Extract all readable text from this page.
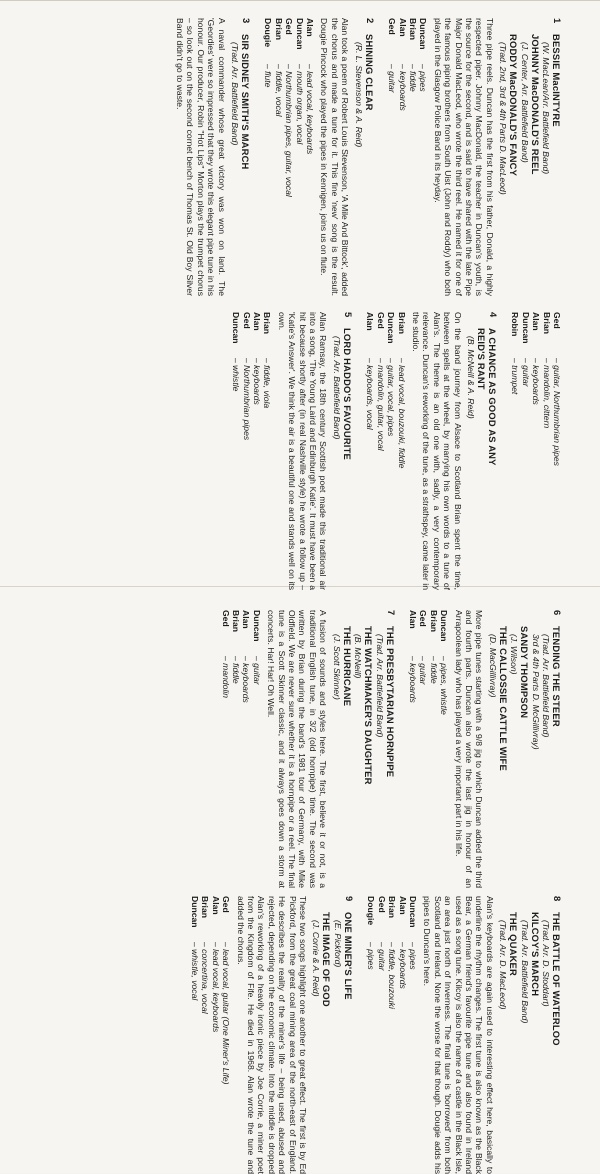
1
BESSIE MacINTYRE
(W. MacLean/Arr. Battlefield Band)
JOHNNY MacDONALD'S REEL
(J. Center, Arr. Battlefield Band)
RODDY MacDONALD'S FANCY
(Trad. 2nd, 3rd & 4th Parts D. MacLeod)
Three pipe reels. Duncan has the first from his father, Donald, a highly respected piper. Johnny MacDonald, the teacher in Duncan's youth, is the source for the second, and is said to have shared with the late Pipe Major Donald MacLeod, who wrote the third reel. He named it for one of the famous piping brothers from South Uist (John and Roddy) who both played in the Glasgow Police Band in its heyday.
Duncan
– pipes
Brian
– fiddle
Alan
– keyboards
Ged
– guitar
2
SHINING CLEAR
(R. L. Stevenson & A. Reid)
Alan took a poem of Robert Louis Stevenson, 'A Mile And Bittock', added the chorus and made a tune for it. This fine 'new' song is the result. Dougie Pincock who played the pipes in Kennigen, joins us on flute.
Alan
– lead vocal, keyboards
Duncan
– mouth organ, vocal
Ged
– Northumbrian pipes, guitar, vocal
Brian
– fiddle, vocal
Dougie
– flute
3
SIR SIDNEY SMITH'S MARCH
(Trad. Arr. Battlefield Band)
A naval commander whose great victory was won on land. The 'Geordies' were so impressed that they wrote this elegant pipe tune in his honour. Our producer, Robin "Hot Lips" Morton plays the trumpet chorus – so look out on the second cornet bench of Thomas St. Old Boy Silver Band didn't go to waste.
Ged
– guitar, Northumbrian pipes
Brian
– mandolin, cittern
Alan
– keyboards
Duncan
– guitar
Robin
– trumpet
4
A CHANCE AS GOOD AS ANY
REID'S RANT
(B. McNeill & A. Reid)
On the band journey from Alsace to Scotland Brian spent the time, between spells at the wheel, by marrying his own words to a tune of Alan's. The theme is an old one with, sadly, a very contemporary relevance. Duncan's reworking of the tune, as a strathspey, came later in the studio.
Brian
– lead vocal, bouzouki, fiddle
Duncan
– guitar, vocal, pipes
Ged
– mandolin, guitar, vocal
Alan
– keyboards, vocal
5
LORD HADDO'S FAVOURITE
(Trad. Arr. Battlefield Band)
Allan Ramsay, the 18th century Scottish poet made this traditional air into a song, 'The Young Laird and Edinburgh Katie'. It must have been a hit because shortly after (in real Nashville style) he wrote a follow up – 'Katie's Answer'. We think the air is a beautiful one and stands well on its own.
Brian
– fiddle, viola
Alan
– keyboards
Ged
– Northumbrian pipes
Duncan
– whistle
6
TENDING THE STEER
(Trad. Arr. Battlefield Band)
3rd & 4th Parts D. McGillivray)
SANDY THOMPSON
(J. Wilson)
THE CALLOSSIE CATTLE WIFE
(D. MacGillivray)
More pipe tunes starting with a 9/8 jig to which Duncan added the third and fourth parts. Duncan also wrote the last jig in honour of an Arrapoolean lady who has played a very important part in his life.
Duncan
– pipes, whistle
Brian
– fiddle
Ged
– guitar
Alan
– keyboards
7
THE PRESBYTARIAN HORNPIPE
(Trad. Arr. Battlefield Band)
THE WATCHMAKER'S DAUGHTER
(B. McNeill)
THE HURRICANE
(J. Scott Skinner)
A fusion of sounds and styles here. The first, believe it or not, is a traditional English tune, in 3/2 (old hornpipe) time. The second was written by Brian during the band's 1981 tour of Germany, with Mike Oldfield. We are never sure whether it is a hornpipe or a reel. The final tune is a Scott Skinner classic, and it always goes down a storm at concerts. Har! Har! Oh Well.
Duncan
– guitar
Alan
– keyboards
Brian
– fiddle
Ged
– mandolin
8
THE BATTLE OF WATERLOO
(Trad. Arr. D. Stoddart)
KILCOY'S MARCH
(Trad. Arr. Battlefield Band)
THE QUAKER
(Trad. Arr. D. MacLeod)
Alan's keyboards are again used to interesting effect here, basically to underline the rhythm changes. The first tune is also known as the Black Bear, a German friend's favourite pipe tune and also found in Ireland used as a song tune. Kilcoy is also the name of a castle in the Black Isle, an area just north of Inverness. The final tune is 'borrowed' from both Scotland and Ireland. None the worse for that though. Dougie adds his pipes to Duncan's here.
Duncan
– pipes
Alan
– keyboards
Brian
– fiddle, bouzouki
Ged
– guitar
Dougie
– pipes
9
ONE MINER'S LIFE
(E. Pickford)
THE IMAGE OF GOD
(J. Corrie & A. Reid)
These two songs highlight one another to great effect. The first is by Ed Pickford, from the great coal mining area of the north-east of England. He describes the reality of the miner's life – being used, abused and rejected, depending on the economic climate. Into the middle is dropped Alan's reworking of a heavily ironic piece by Joe Corrie, a miner poet from the Kingdom of Fife. He died in 1968. Alan wrote the tune and added the chorus.
Ged
– lead vocal, guitar (One Miner's Life)
Alan
– lead vocal, keyboards
Brian
– concertina, vocal
Duncan
– whistle, vocal
